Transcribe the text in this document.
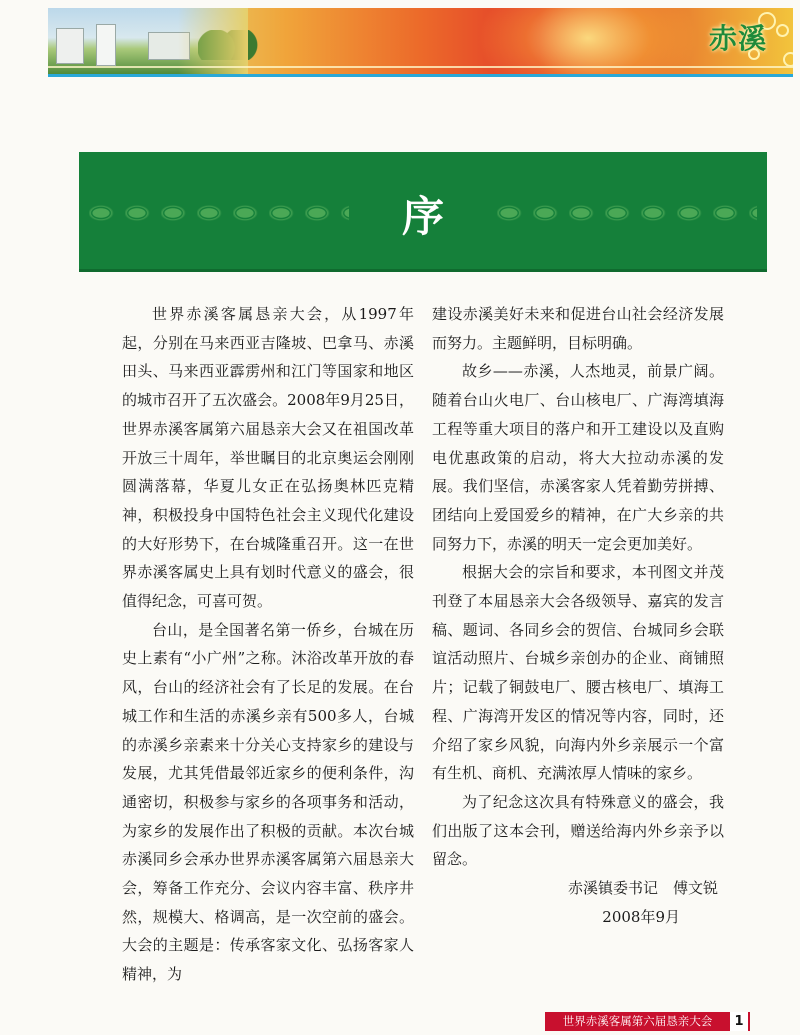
赤溪
序

世界赤溪客属恳亲大会，从1997年起，分别在马来西亚吉隆坡、巴拿马、赤溪田头、马来西亚霹雳州和江门等国家和地区的城市召开了五次盛会。2008年9月25日，世界赤溪客属第六届恳亲大会又在祖国改革开放三十周年，举世瞩目的北京奥运会刚刚圆满落幕，华夏儿女正在弘扬奥林匹克精神，积极投身中国特色社会主义现代化建设的大好形势下，在台城隆重召开。这一在世界赤溪客属史上具有划时代意义的盛会，很值得纪念，可喜可贺。

台山，是全国著名第一侨乡，台城在历史上素有“小广州”之称。沐浴改革开放的春风，台山的经济社会有了长足的发展。在台城工作和生活的赤溪乡亲有500多人，台城的赤溪乡亲素来十分关心支持家乡的建设与发展，尤其凭借最邻近家乡的便利条件，沟通密切，积极参与家乡的各项事务和活动，为家乡的发展作出了积极的贡献。本次台城赤溪同乡会承办世界赤溪客属第六届恳亲大会，筹备工作充分、会议内容丰富、秩序井然，规模大、格调高，是一次空前的盛会。大会的主题是：传承客家文化、弘扬客家人精神，为

建设赤溪美好未来和促进台山社会经济发展而努力。主题鲜明，目标明确。

故乡——赤溪，人杰地灵，前景广阔。随着台山火电厂、台山核电厂、广海湾填海工程等重大项目的落户和开工建设以及直购电优惠政策的启动，将大大拉动赤溪的发展。我们坚信，赤溪客家人凭着勤劳拼搏、团结向上爱国爱乡的精神，在广大乡亲的共同努力下，赤溪的明天一定会更加美好。

根据大会的宗旨和要求，本刊图文并茂刊登了本届恳亲大会各级领导、嘉宾的发言稿、题词、各同乡会的贺信、台城同乡会联谊活动照片、台城乡亲创办的企业、商铺照片；记载了铜鼓电厂、腰古核电厂、填海工程、广海湾开发区的情况等内容，同时，还介绍了家乡风貌，向海内外乡亲展示一个富有生机、商机、充满浓厚人情味的家乡。

为了纪念这次具有特殊意义的盛会，我们出版了这本会刊，赠送给海内外乡亲予以留念。

赤溪镇委书记　傅文锐

2008年9月

世界赤溪客属第六届恳亲大会	1
